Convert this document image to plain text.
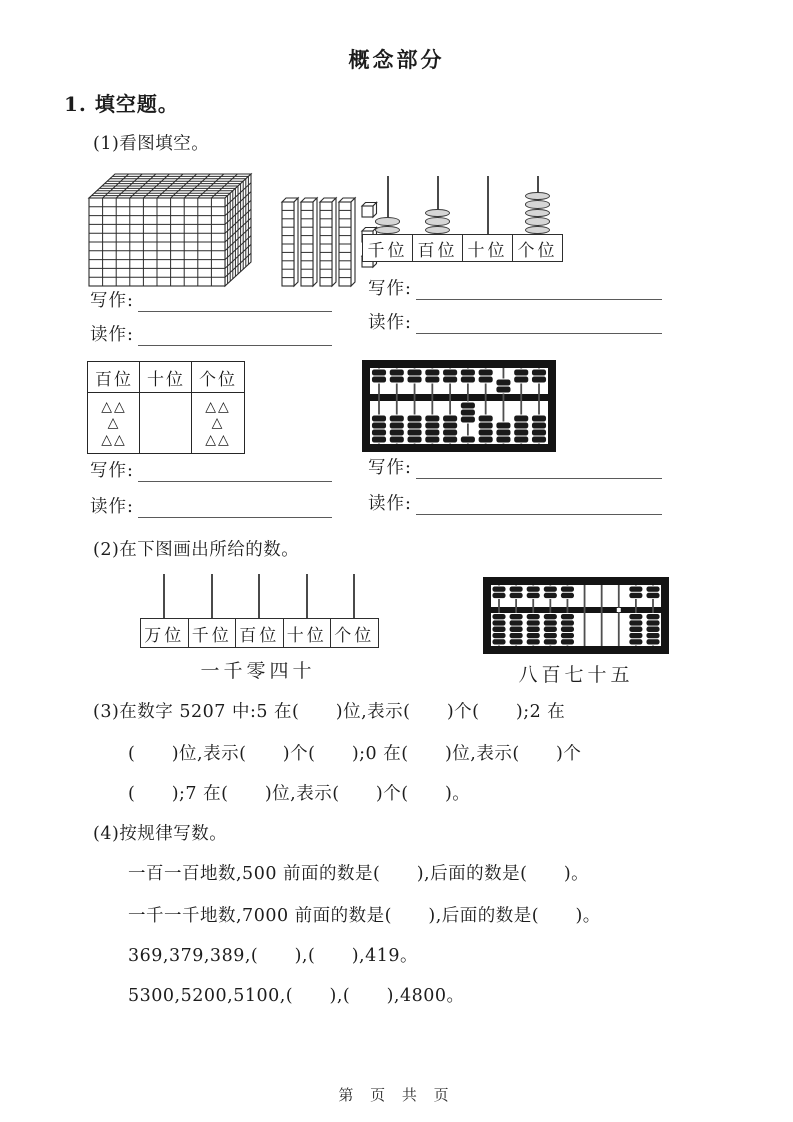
概念部分
1. 填空题。
(1)看图填空。
千位 百位 十位 个位
写作:
读作:
写作:
读作:
百位 十位 个位
△△
△
△△
△△
△
△△
写作:
读作:
写作:
读作:
(2)在下图画出所给的数。
万位 千位 百位 十位 个位
一千零四十	八百七十五
(3)在数字 5207 中:5 在(      )位,表示(      )个(      );2 在
(      )位,表示(      )个(      );0 在(      )位,表示(      )个
(      );7 在(      )位,表示(      )个(      )。
(4)按规律写数。
一百一百地数,500 前面的数是(      ),后面的数是(      )。
一千一千地数,7000 前面的数是(      ),后面的数是(      )。
369,379,389,(      ),(      ),419。
5300,5200,5100,(      ),(      ),4800。
第 页 共 页
